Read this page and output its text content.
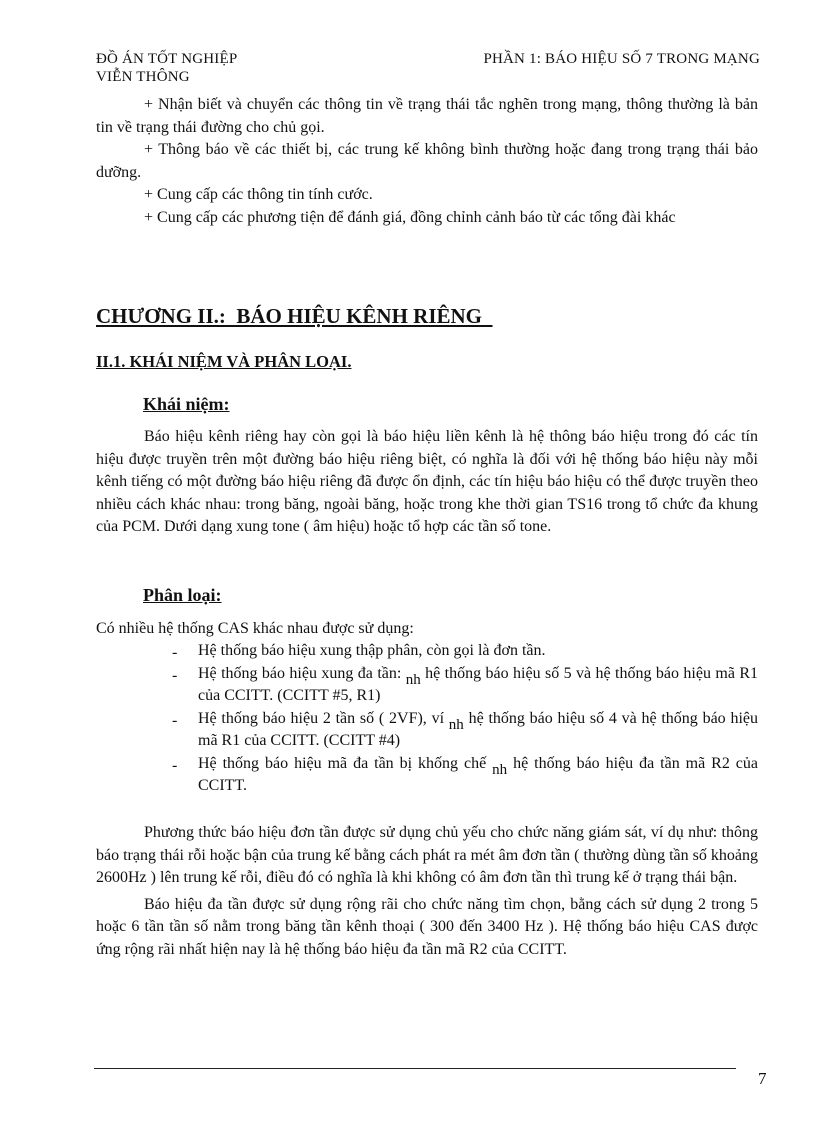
ĐỒ ÁN TỐT NGHIỆP
VIỄN THÔNG
PHẦN 1: BÁO HIỆU SỐ 7 TRONG MẠNG

+ Nhận biết và chuyển các thông tin về trạng thái tắc nghẽn trong mạng, thông thường là bản tin về trạng thái đường cho chủ gọi.

+ Thông báo về các thiết bị, các trung kế không bình thường hoặc đang trong trạng thái bảo dưỡng.

+ Cung cấp các thông tin tính cước.

+ Cung cấp các phương tiện để đánh giá, đồng chỉnh cảnh báo từ các tổng đài khác

CHƯƠNG II.:  BÁO HIỆU KÊNH RIÊNG
II.1. KHÁI NIỆM VÀ PHÂN LOẠI.
Khái niệm:

Báo hiệu kênh riêng hay còn gọi là báo hiệu liền kênh là hệ thông báo hiệu trong đó các tín hiệu được truyền trên một đường báo hiệu riêng biệt, có nghĩa là đối với hệ thống báo hiệu này mỗi kênh tiếng có một đường báo hiệu riêng đã được ổn định, các tín hiệu báo hiệu có thể được truyền theo nhiều cách khác nhau: trong băng, ngoài băng, hoặc trong khe thời gian TS16 trong tổ chức đa khung của PCM. Dưới dạng xung tone ( âm hiệu) hoặc tổ hợp các tần số tone.

Phân loại:

Có nhiều hệ thống CAS khác nhau được sử dụng:

- Hệ thống báo hiệu xung thập phân, còn gọi là đơn tần.
- Hệ thống báo hiệu xung đa tần: nh hệ thống báo hiệu số 5 và hệ thống báo hiệu mã R1 của CCITT. (CCITT #5, R1)
- Hệ thống báo hiệu 2 tần số ( 2VF), ví nh hệ thống báo hiệu số 4 và hệ thống báo hiệu mã R1 của CCITT. (CCITT #4)
- Hệ thống báo hiệu mã đa tần bị khống chế nh hệ thống báo hiệu đa tần mã R2 của CCITT.

Phương thức báo hiệu đơn tần được sử dụng chủ yếu cho chức năng giám sát, ví dụ như: thông báo trạng thái rỗi hoặc bận của trung kế bằng cách phát ra mét âm đơn tần ( thường dùng tần số khoảng 2600Hz ) lên trung kế rỗi, điều đó có nghĩa là khi không có âm đơn tần thì trung kế ở trạng thái bận.

Báo hiệu đa tần được sử dụng rộng rãi cho chức năng tìm chọn, bằng cách sử dụng 2 trong 5 hoặc 6 tần tần số nằm trong băng tần kênh thoại ( 300 đến 3400 Hz ). Hệ thống báo hiệu CAS được ứng rộng rãi nhất hiện nay là hệ thống báo hiệu đa tần mã R2 của CCITT.

7
